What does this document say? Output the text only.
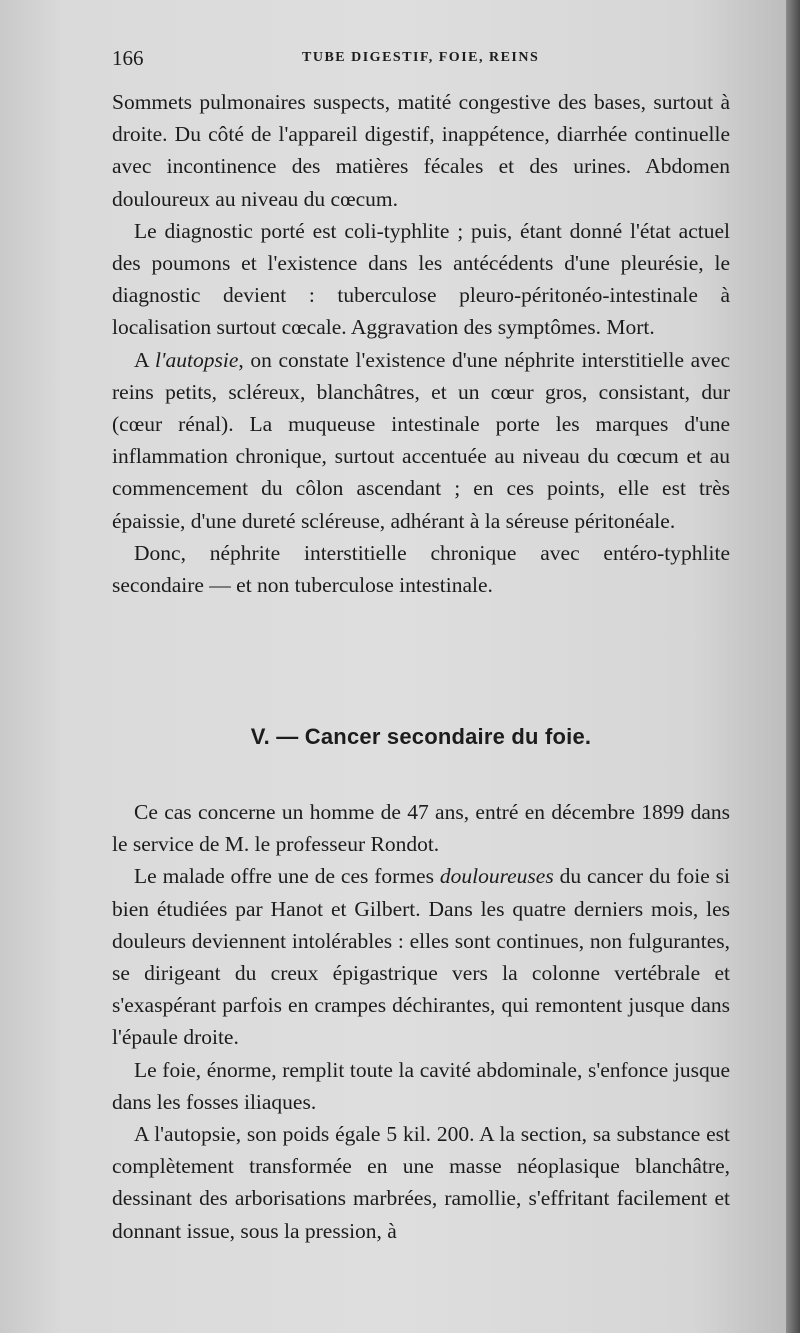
166	TUBE DIGESTIF, FOIE, REINS

Sommets pulmonaires suspects, matité congestive des bases, surtout à droite. Du côté de l'appareil digestif, inappétence, diarrhée continuelle avec incontinence des matières fécales et des urines. Abdomen douloureux au niveau du cœcum.

Le diagnostic porté est coli-typhlite ; puis, étant donné l'état actuel des poumons et l'existence dans les antécédents d'une pleurésie, le diagnostic devient : tuberculose pleuro-péritonéo-intestinale à localisation surtout cœcale. Aggravation des symptômes. Mort.

A l'autopsie, on constate l'existence d'une néphrite interstitielle avec reins petits, scléreux, blanchâtres, et un cœur gros, consistant, dur (cœur rénal). La muqueuse intestinale porte les marques d'une inflammation chronique, surtout accentuée au niveau du cœcum et au commencement du côlon ascendant ; en ces points, elle est très épaissie, d'une dureté scléreuse, adhérant à la séreuse péritonéale.

Donc, néphrite interstitielle chronique avec entéro-typhlite secondaire — et non tuberculose intestinale.

V. — Cancer secondaire du foie.

Ce cas concerne un homme de 47 ans, entré en décembre 1899 dans le service de M. le professeur Rondot.

Le malade offre une de ces formes douloureuses du cancer du foie si bien étudiées par Hanot et Gilbert. Dans les quatre derniers mois, les douleurs deviennent intolérables : elles sont continues, non fulgurantes, se dirigeant du creux épigastrique vers la colonne vertébrale et s'exaspérant parfois en crampes déchirantes, qui remontent jusque dans l'épaule droite.

Le foie, énorme, remplit toute la cavité abdominale, s'enfonce jusque dans les fosses iliaques.

A l'autopsie, son poids égale 5 kil. 200. A la section, sa substance est complètement transformée en une masse néoplasique blanchâtre, dessinant des arborisations marbrées, ramollie, s'effritant facilement et donnant issue, sous la pression, à
